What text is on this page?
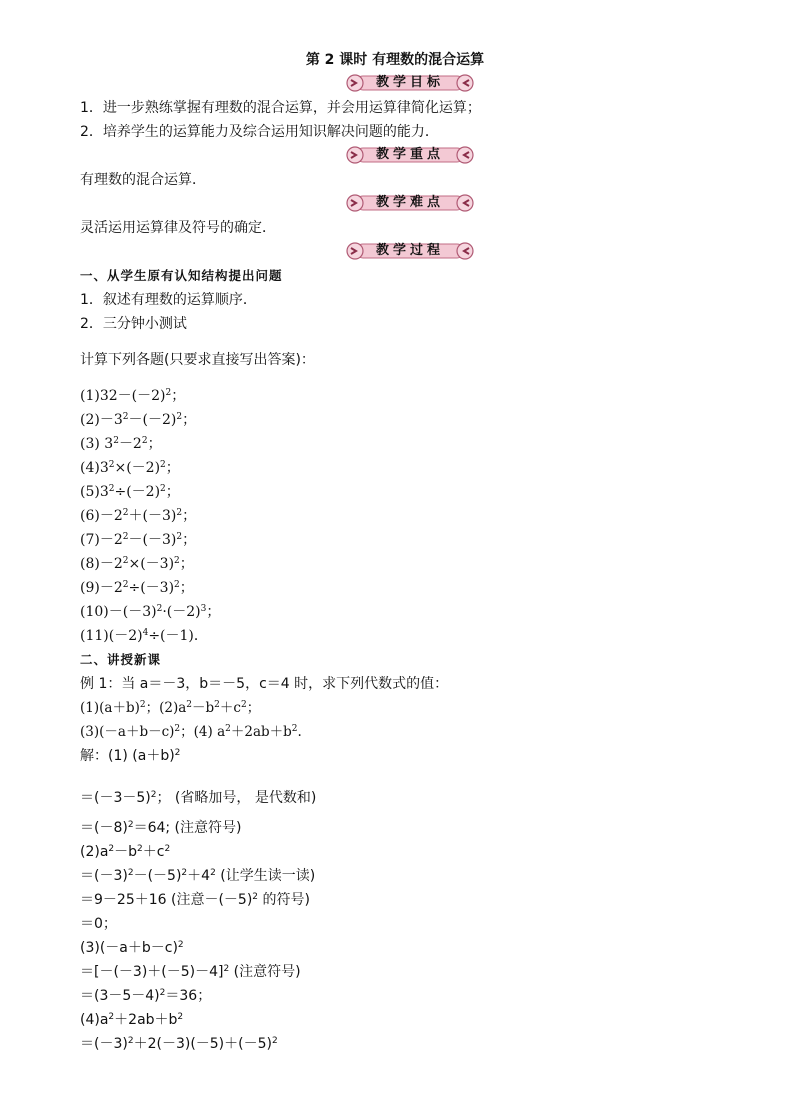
第 2 课时 有理数的混合运算
教学目标
1．进一步熟练掌握有理数的混合运算，并会用运算律简化运算；
2．培养学生的运算能力及综合运用知识解决问题的能力．
教学重点
有理数的混合运算．
教学难点
灵活运用运算律及符号的确定．
教学过程
一、从学生原有认知结构提出问题
1．叙述有理数的运算顺序．
2．三分钟小测试
计算下列各题(只要求直接写出答案)：
$(1)32-(-2)^2$；
$(2)-3^2-(-2)^2$；
(3) $3^2-2^2$；
$(4)3^2\times(-2)^2$；
$(5)3^2\div(-2)^2$；
$(6)-2^2+(-3)^2$；
$(7)-2^2-(-3)^2$；
$(8)-2^2\times(-3)^2$；
$(9)-2^2\div(-3)^2$；
$(10)-(-3)^2\cdot(-2)^3$；
$(11)(-2)^4\div(-1)$．
二、讲授新课
例 1：当 a＝－3，b＝－5，c＝4 时，求下列代数式的值：
$(1)(a+b)^2$；$(2)a^2-b^2+c^2$；
$(3)(-a+b-c)^2$；(4) $a^2+2ab+b^2$.
解：(1) $(a+b)^2$
$=(-3-5)^2$； (省略加号， 是代数和)
$=(-8)^2=64$; (注意符号)
$(2)a^2-b^2+c^2$
$=(-3)^2-(-5)^2+4^2$ (让学生读一读)
＝9－25＋16 (注意$-(-5)^2$ 的符号)
＝0；
$(3)(-a+b-c)^2$
$=[-(-3)+(-5)-4]^2$ (注意符号)
$=(3-5-4)^2=36$；
$(4)a^2+2ab+b^2$
$=(-3)^2+2(-3)(-5)+(-5)^2$
